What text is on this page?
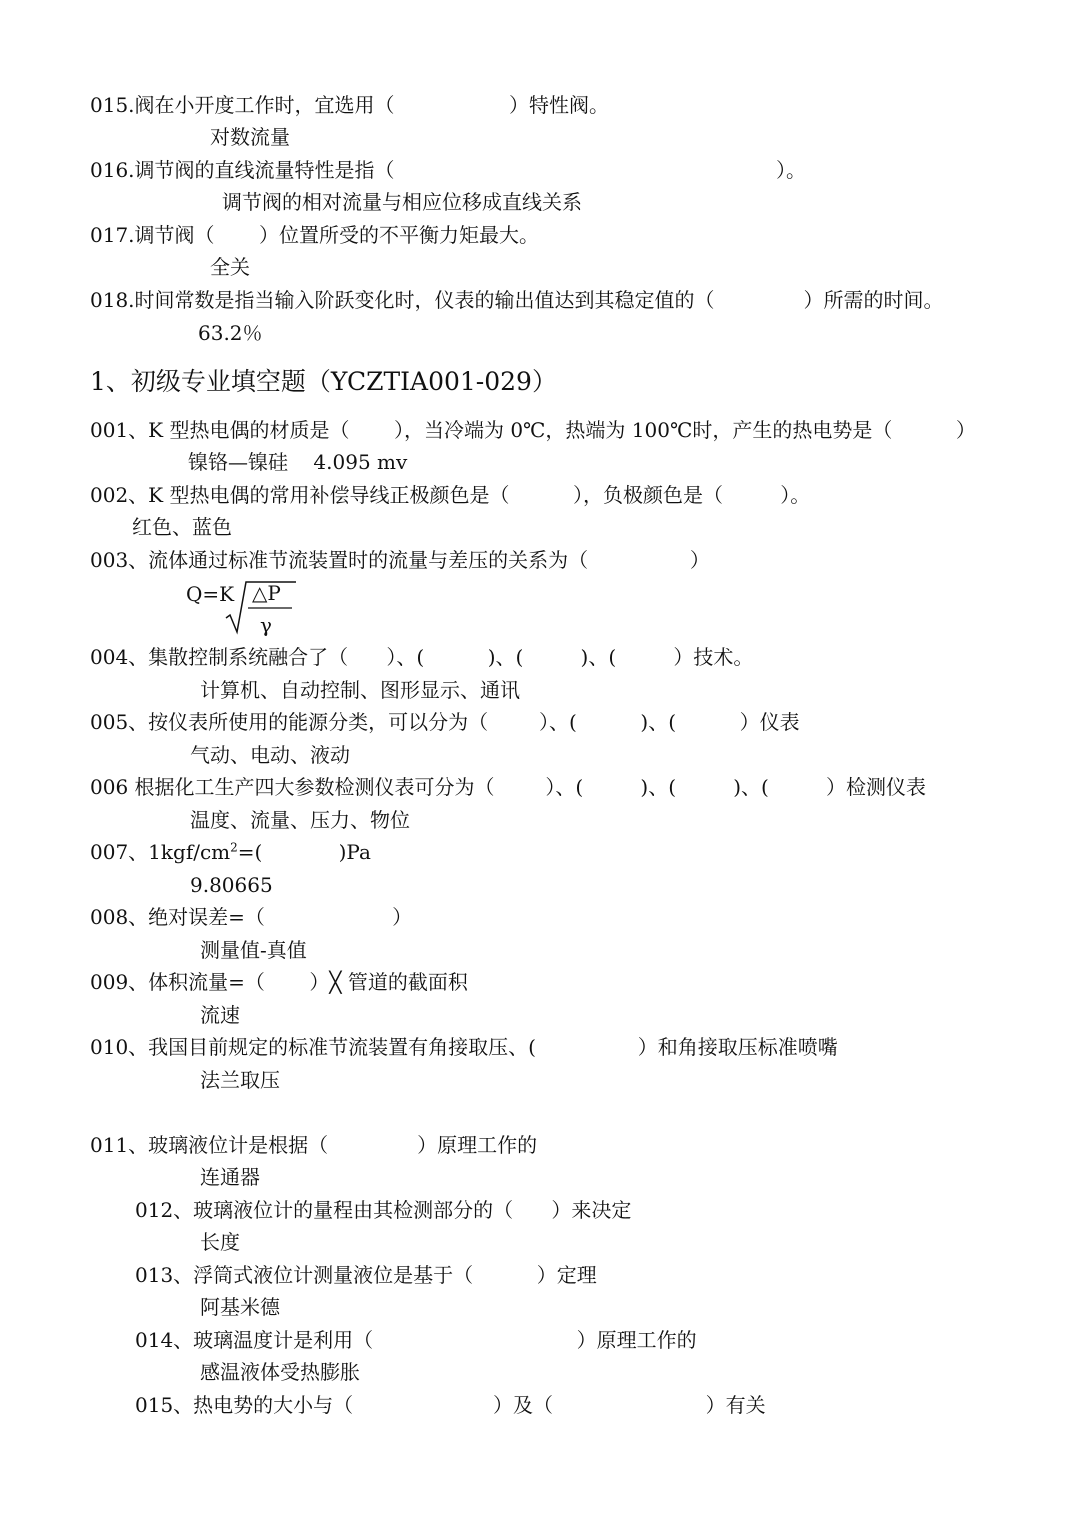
015.阀在小开度工作时，宜选用（                  ）特性阀。
对数流量
016.调节阀的直线流量特性是指（                                                            ）。
调节阀的相对流量与相应位移成直线关系
017.调节阀（       ）位置所受的不平衡力矩最大。
全关
018.时间常数是指当输入阶跃变化时，仪表的输出值达到其稳定值的（              ）所需的时间。
63.2％
1、初级专业填空题（YCZTIA001-029）
001、K 型热电偶的材质是（       ），当冷端为 0℃，热端为 100℃时，产生的热电势是（          ）
镍铬—镍硅    4.095 mv
002、K 型热电偶的常用补偿导线正极颜色是（          ），负极颜色是（         ）。
红色、蓝色
003、流体通过标准节流装置时的流量与差压的关系为（                ）
Q=K △P
γ
004、集散控制系统融合了（      ）、(          )、(         )、(         ）技术。
计算机、自动控制、图形显示、通讯
005、按仪表所使用的能源分类，可以分为（        ）、(          )、(          ）仪表
气动、电动、液动
006 根据化工生产四大参数检测仪表可分为（        ）、(         )、(         )、(         ）检测仪表
温度、流量、压力、物位
007、$1kgf/cm^2=$(            )Pa
9.80665
008、绝对误差=（                    ）
测量值-真值
009、体积流量=（       ）╳ 管道的截面积
流速
010、我国目前规定的标准节流装置有角接取压、(                ）和角接取压标准喷嘴
法兰取压
011、玻璃液位计是根据（              ）原理工作的
连通器
012、玻璃液位计的量程由其检测部分的（      ）来决定
长度
013、浮筒式液位计测量液位是基于（          ）定理
阿基米德
014、玻璃温度计是利用（                                ）原理工作的
感温液体受热膨胀
015、热电势的大小与（                      ）及（                        ）有关
